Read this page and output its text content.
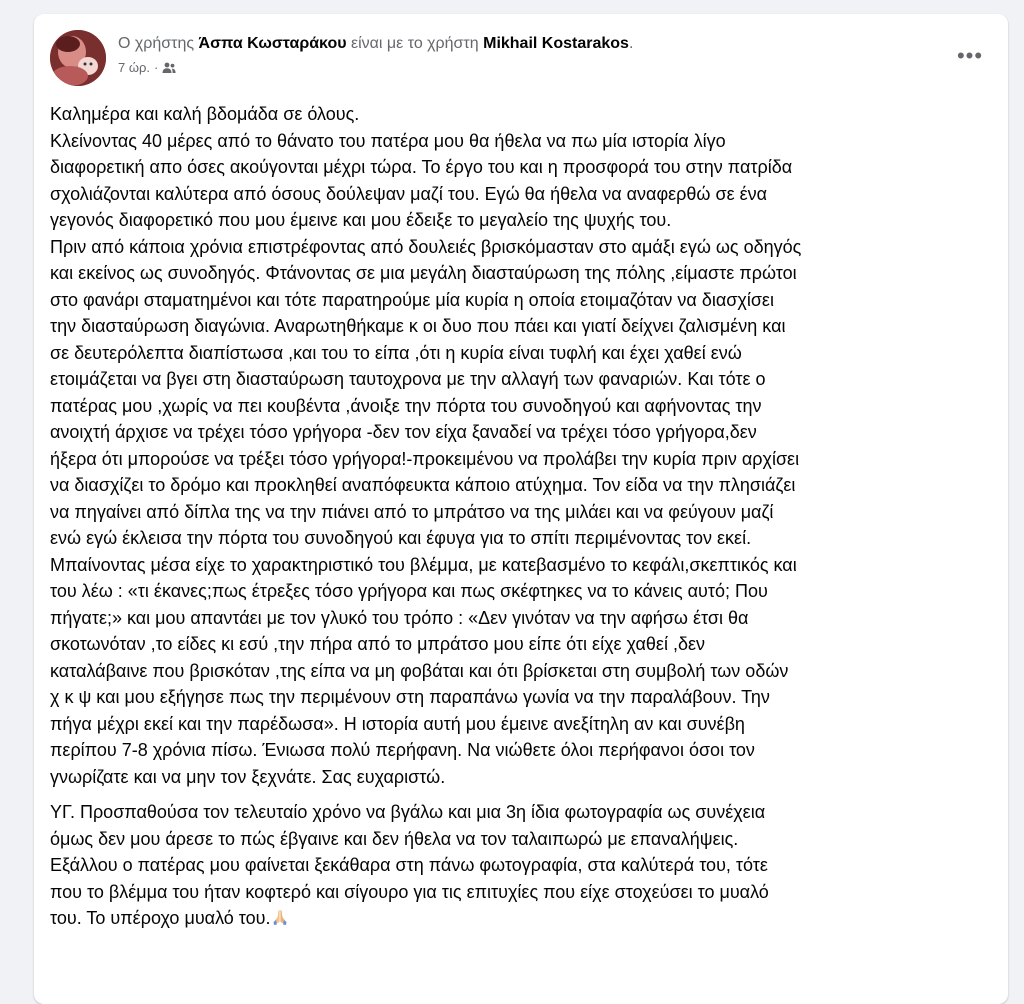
Ο χρήστης Άσπα Κωσταράκου είναι με το χρήστη Mikhail Kostarakos.
7 ώρ. ·	•••

Καλημέρα και καλή βδομάδα σε όλους.
Κλείνοντας 40 μέρες από το θάνατο του πατέρα μου θα ήθελα να πω μία ιστορία λίγο
διαφορετική απο όσες ακούγονται μέχρι τώρα. Το έργο του και η προσφορά του στην πατρίδα
σχολιάζονται καλύτερα από όσους δούλεψαν μαζί του. Εγώ θα ήθελα να αναφερθώ σε ένα
γεγονός διαφορετικό που μου έμεινε και μου έδειξε το μεγαλείο της ψυχής του.
Πριν από κάποια χρόνια επιστρέφοντας από δουλειές βρισκόμασταν στο αμάξι εγώ ως οδηγός
και εκείνος ως συνοδηγός. Φτάνοντας σε μια μεγάλη διασταύρωση της πόλης ,είμαστε πρώτοι
στο φανάρι σταματημένοι και τότε παρατηρούμε μία κυρία η οποία ετοιμαζόταν να διασχίσει
την διασταύρωση διαγώνια. Αναρωτηθήκαμε κ οι δυο που πάει και γιατί δείχνει ζαλισμένη και
σε δευτερόλεπτα διαπίστωσα ,και του το είπα ,ότι η κυρία είναι τυφλή και έχει χαθεί ενώ
ετοιμάζεται να βγει στη διασταύρωση ταυτοχρονα με την αλλαγή των φαναριών. Και τότε ο
πατέρας μου ,χωρίς να πει κουβέντα ,άνοιξε την πόρτα του συνοδηγού και αφήνοντας την
ανοιχτή άρχισε να τρέχει τόσο γρήγορα -δεν τον είχα ξαναδεί να τρέχει τόσο γρήγορα,δεν
ήξερα ότι μπορούσε να τρέξει τόσο γρήγορα!-προκειμένου να προλάβει την κυρία πριν αρχίσει
να διασχίζει το δρόμο και προκληθεί αναπόφευκτα κάποιο ατύχημα. Τον είδα να την πλησιάζει
να πηγαίνει από δίπλα της να την πιάνει από το μπράτσο να της μιλάει και να φεύγουν μαζί
ενώ εγώ έκλεισα την πόρτα του συνοδηγού και έφυγα για το σπίτι περιμένοντας τον εκεί.
Μπαίνοντας μέσα είχε το χαρακτηριστικό του βλέμμα, με κατεβασμένο το κεφάλι,σκεπτικός και
του λέω : «τι έκανες;πως έτρεξες τόσο γρήγορα και πως σκέφτηκες να το κάνεις αυτό; Που
πήγατε;» και μου απαντάει με τον γλυκό του τρόπο : «Δεν γινόταν να την αφήσω έτσι θα
σκοτωνόταν ,το είδες κι εσύ ,την πήρα από το μπράτσο μου είπε ότι είχε χαθεί ,δεν
καταλάβαινε που βρισκόταν ,της είπα να μη φοβάται και ότι βρίσκεται στη συμβολή των οδών
χ κ ψ και μου εξήγησε πως την περιμένουν στη παραπάνω γωνία να την παραλάβουν. Την
πήγα μέχρι εκεί και την παρέδωσα». Η ιστορία αυτή μου έμεινε ανεξίτηλη αν και συνέβη
περίπου 7-8 χρόνια πίσω. Ένιωσα πολύ περήφανη. Να νιώθετε όλοι περήφανοι όσοι τον
γνωρίζατε και να μην τον ξεχνάτε. Σας ευχαριστώ.

ΥΓ. Προσπαθούσα τον τελευταίο χρόνο να βγάλω και μια 3η ίδια φωτογραφία ως συνέχεια
όμως δεν μου άρεσε το πώς έβγαινε και δεν ήθελα να τον ταλαιπωρώ με επαναλήψεις.
Εξάλλου ο πατέρας μου φαίνεται ξεκάθαρα στη πάνω φωτογραφία, στα καλύτερά του, τότε
που το βλέμμα του ήταν κοφτερό και σίγουρο για τις επιτυχίες που είχε στοχεύσει το μυαλό
του. Το υπέροχο μυαλό του.
